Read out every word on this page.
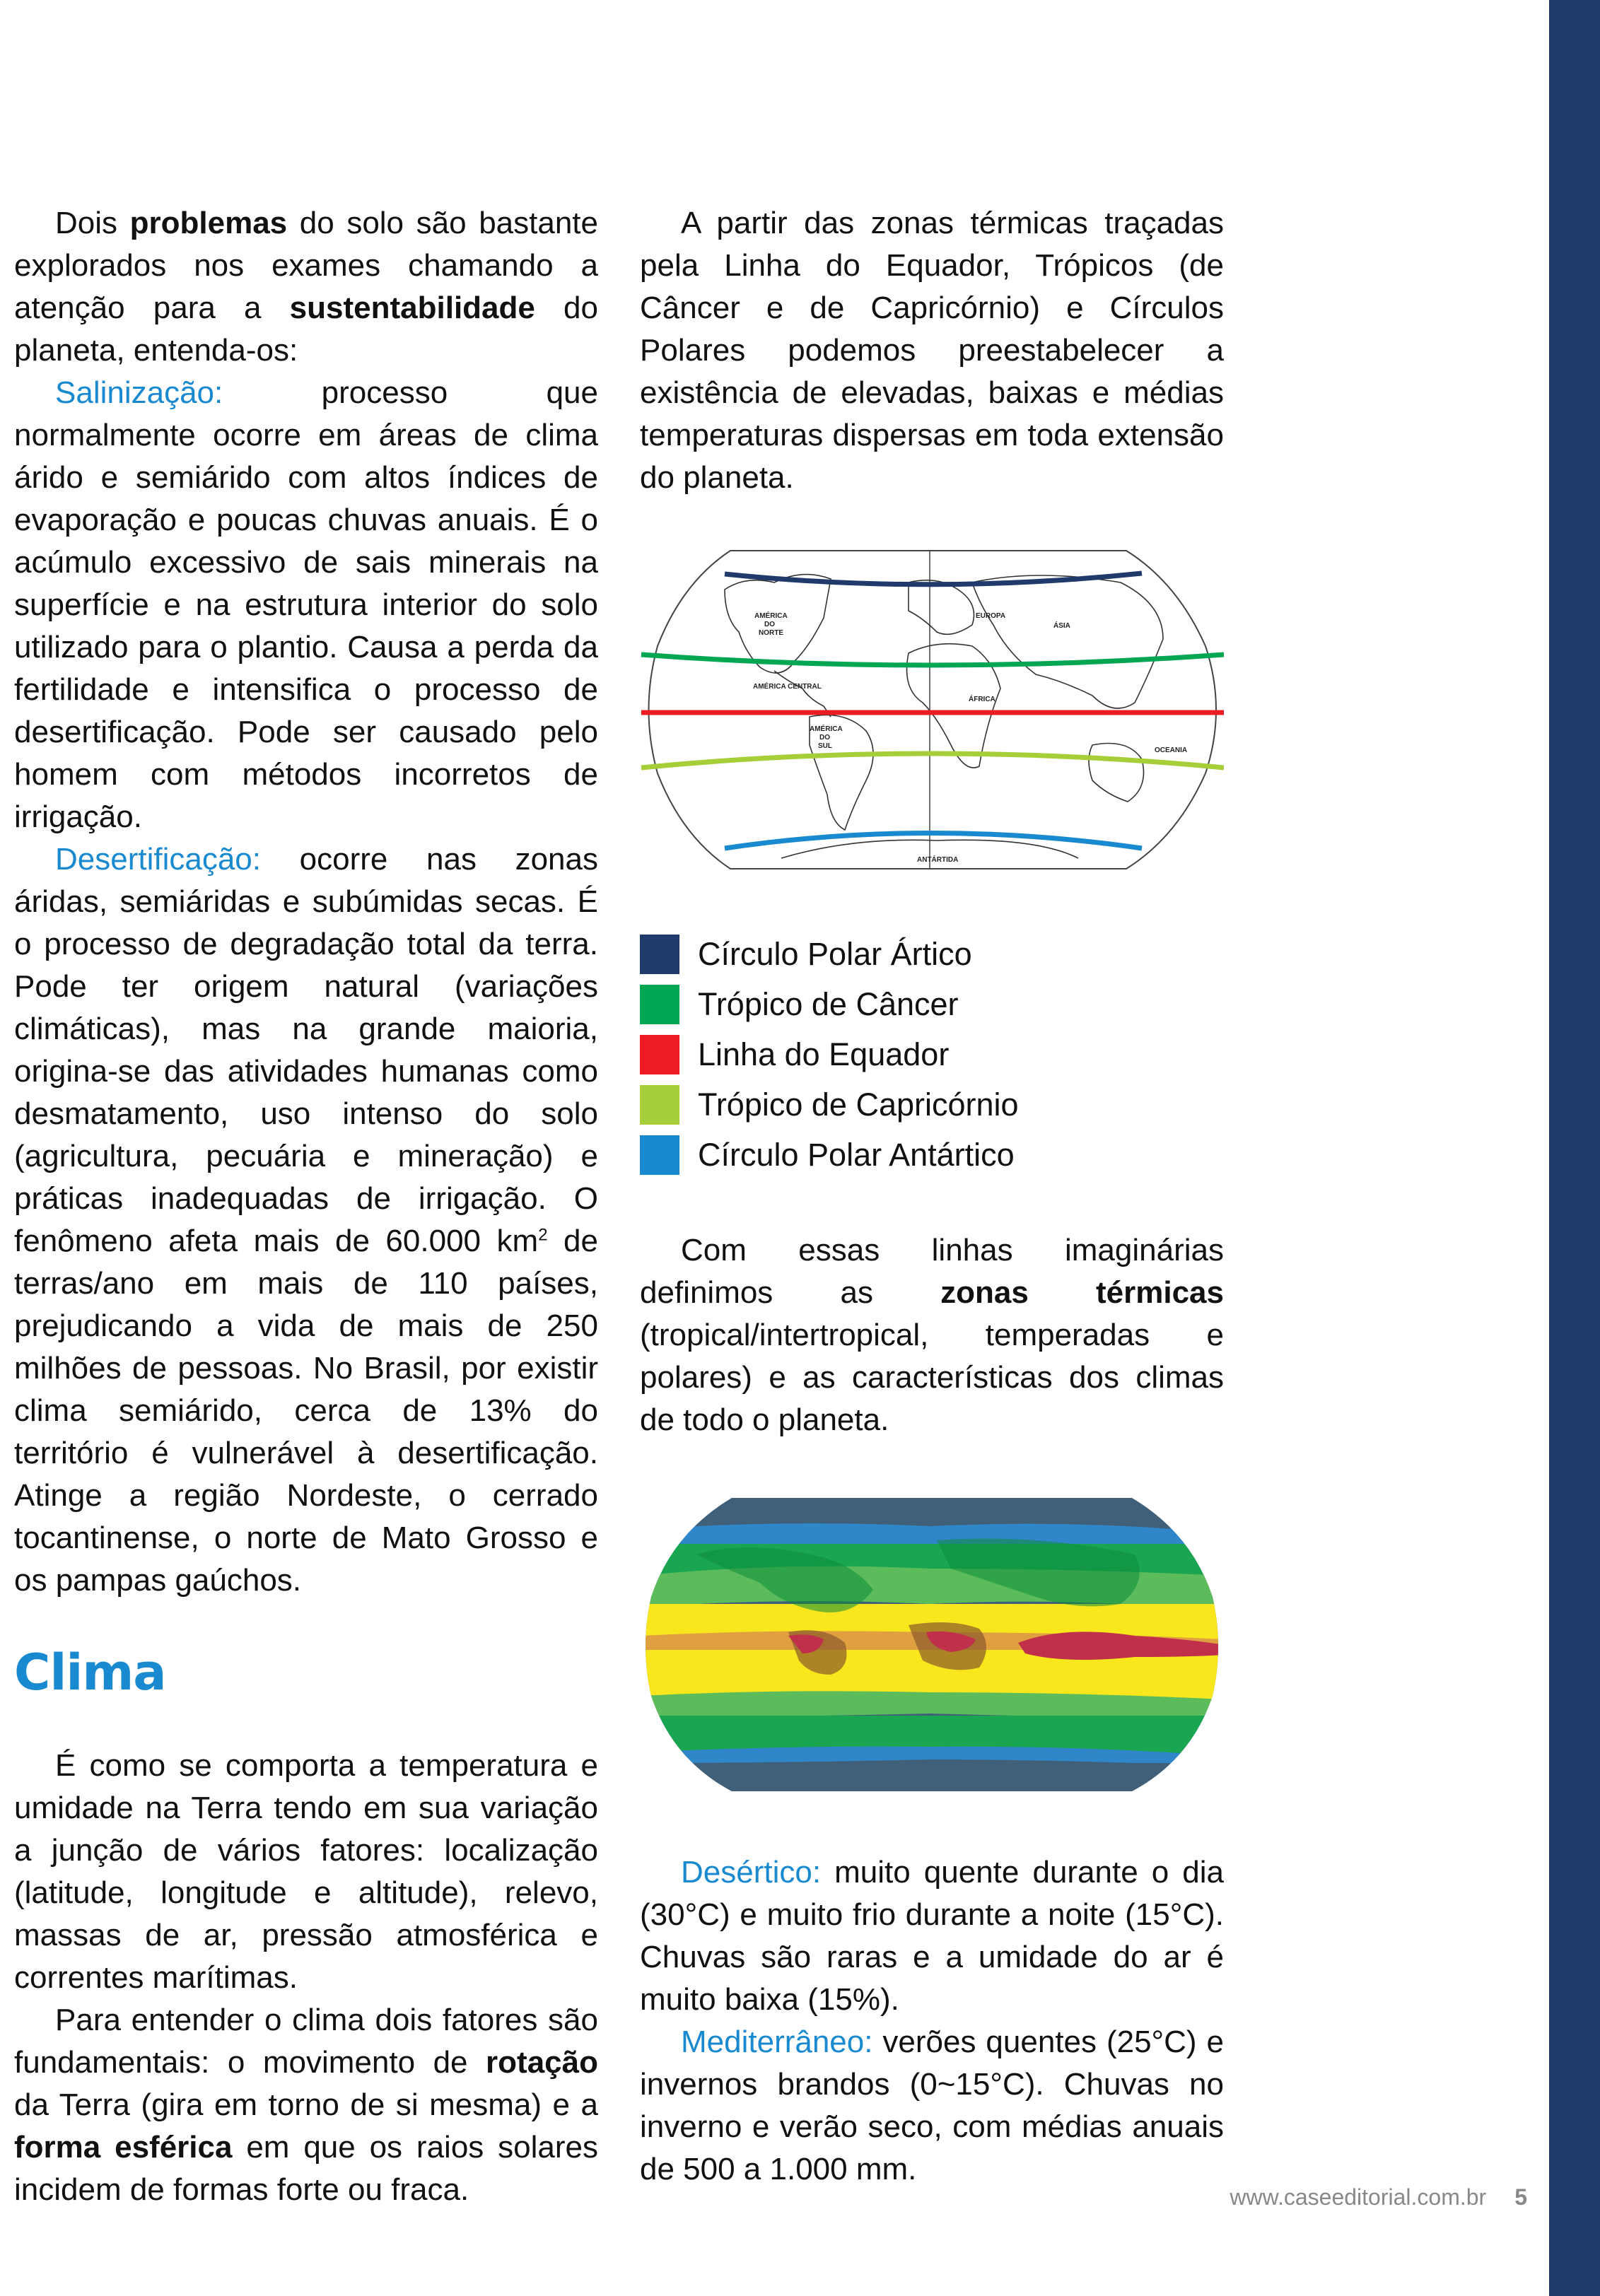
Dois problemas do solo são bastante explorados nos exames chamando a atenção para a sustentabilidade do planeta, entenda-os:

Salinização: processo que normalmente ocorre em áreas de clima árido e semiárido com altos índices de evaporação e poucas chuvas anuais. É o acúmulo excessivo de sais minerais na superfície e na estrutura interior do solo utilizado para o plantio. Causa a perda da fertilidade e intensifica o processo de desertificação. Pode ser causado pelo homem com métodos incorretos de irrigação.

Desertificação: ocorre nas zonas áridas, semiáridas e subúmidas secas. É o processo de degradação total da terra. Pode ter origem natural (variações climáticas), mas na grande maioria, origina-se das atividades humanas como desmatamento, uso intenso do solo (agricultura, pecuária e mineração) e práticas inadequadas de irrigação. O fenômeno afeta mais de 60.000 $km^2$ de terras/ano em mais de 110 países, prejudicando a vida de mais de 250 milhões de pessoas. No Brasil, por existir clima semiárido, cerca de 13% do território é vulnerável à desertificação. Atinge a região Nordeste, o cerrado tocantinense, o norte de Mato Grosso e os pampas gaúchos.

Clima

É como se comporta a temperatura e umidade na Terra tendo em sua variação a junção de vários fatores: localização (latitude, longitude e altitude), relevo, massas de ar, pressão atmosférica e correntes marítimas.

Para entender o clima dois fatores são fundamentais: o movimento de rotação da Terra (gira em torno de si mesma) e a forma esférica em que os raios solares incidem de formas forte ou fraca.

A partir das zonas térmicas traçadas pela Linha do Equador, Trópicos (de Câncer e de Capricórnio) e Círculos Polares podemos preestabelecer a existência de elevadas, baixas e médias temperaturas dispersas em toda extensão do planeta.

AMÉRICA
DO
NORTE
EUROPA
ÁSIA
AMÉRICA CENTRAL
ÁFRICA
AMÉRICA
DO
SUL
OCEANIA
ANTÁRTIDA
Círculo Polar Ártico
Trópico de Câncer
Linha do Equador
Trópico de Capricórnio
Círculo Polar Antártico

Com essas linhas imaginárias definimos as zonas térmicas (tropical/intertropical, temperadas e polares) e as características dos climas de todo o planeta.

Desértico: muito quente durante o dia (30°C) e muito frio durante a noite (15°C). Chuvas são raras e a umidade do ar é muito baixa (15%).

Mediterrâneo: verões quentes (25°C) e invernos brandos (0~15°C). Chuvas no inverno e verão seco, com médias anuais de 500 a 1.000 mm.

www.caseeditorial.com.br 5
